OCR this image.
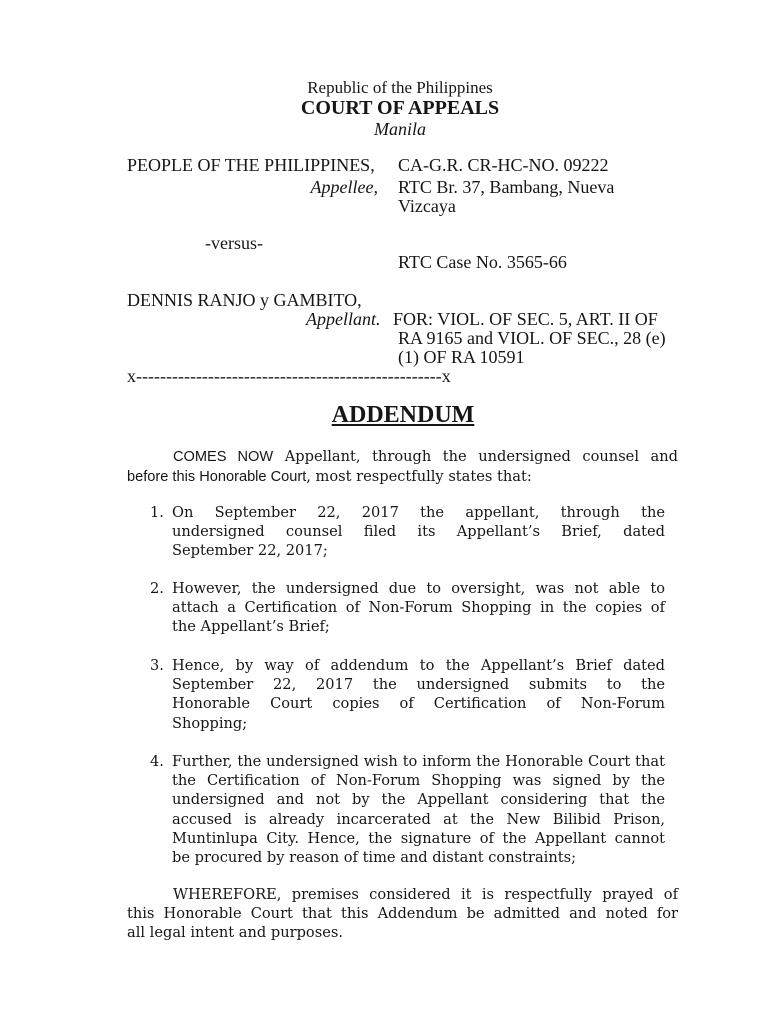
Republic of the Philippines
COURT OF APPEALS
Manila
PEOPLE OF THE PHILIPPINES,
Appellee,
CA-G.R. CR-HC-NO. 09222
RTC Br. 37, Bambang, Nueva
Vizcaya
-versus-
RTC Case No. 3565-66
DENNIS RANJO y GAMBITO,
Appellant. FOR: VIOL. OF SEC. 5, ART. II OF
RA 9165 and VIOL. OF SEC., 28 (e)
(1) OF RA 10591
x---------------------------------------------------x
ADDENDUM
COMES NOW Appellant, through the undersigned counsel and
before this Honorable Court, most respectfully states that:
1. On September 22, 2017 the appellant, through the
undersigned counsel filed its Appellant’s Brief, dated
September 22, 2017;
2. However, the undersigned due to oversight, was not able to
attach a Certification of Non-Forum Shopping in the copies of
the Appellant’s Brief;
3. Hence, by way of addendum to the Appellant’s Brief dated
September 22, 2017 the undersigned submits to the
Honorable Court copies of Certification of Non-Forum
Shopping;
4. Further, the undersigned wish to inform the Honorable Court that
the Certification of Non-Forum Shopping was signed by the
undersigned and not by the Appellant considering that the
accused is already incarcerated at the New Bilibid Prison,
Muntinlupa City. Hence, the signature of the Appellant cannot
be procured by reason of time and distant constraints;
WHEREFORE, premises considered it is respectfully prayed of
this Honorable Court that this Addendum be admitted and noted for
all legal intent and purposes.
